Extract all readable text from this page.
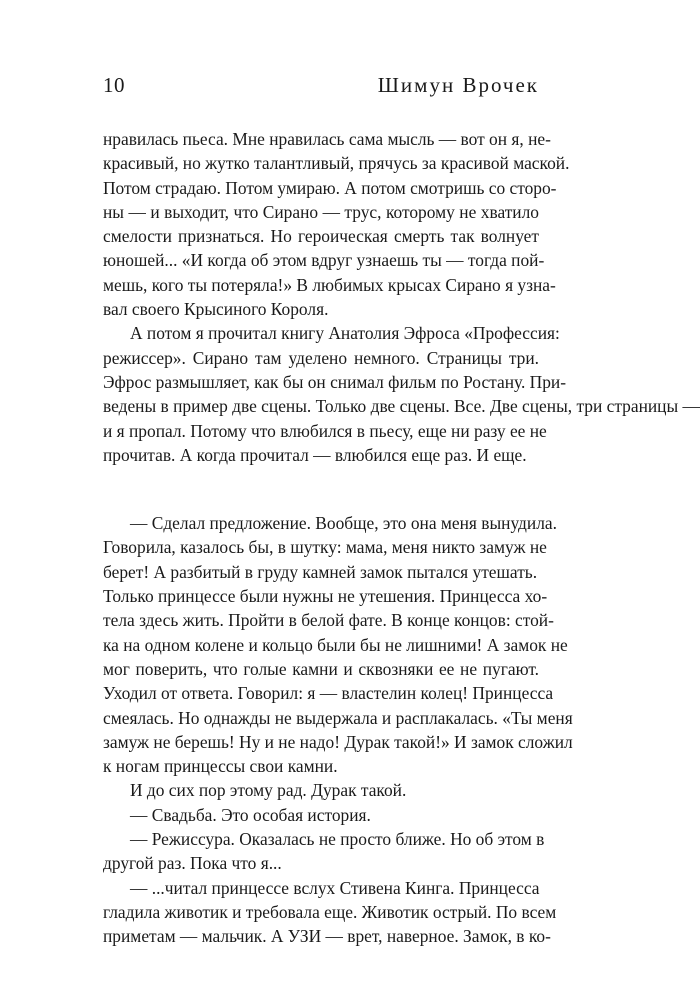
10	Шимун Врочек
нравилась пьеса. Мне нравилась сама мысль — вот он я, не-
красивый, но жутко талантливый, прячусь за красивой маской.
Потом страдаю. Потом умираю. А потом смотришь со сторо-
ны — и выходит, что Сирано — трус, которому не хватило
смелости признаться. Но героическая смерть так волнует
юношей... «И когда об этом вдруг узнаешь ты — тогда пой-
мешь, кого ты потеряла!» В любимых крысах Сирано я узна-
вал своего Крысиного Короля.
А потом я прочитал книгу Анатолия Эфроса «Профессия:
режиссер». Сирано там уделено немного. Страницы три.
Эфрос размышляет, как бы он снимал фильм по Ростану. При-
ведены в пример две сцены. Только две сцены. Все. Две сцены, три страницы —
и я пропал. Потому что влюбился в пьесу, еще ни разу ее не
прочитав. А когда прочитал — влюбился еще раз. И еще.
— Сделал предложение. Вообще, это она меня вынудила.
Говорила, казалось бы, в шутку: мама, меня никто замуж не
берет! А разбитый в груду камней замок пытался утешать.
Только принцессе были нужны не утешения. Принцесса хо-
тела здесь жить. Пройти в белой фате. В конце концов: стой-
ка на одном колене и кольцо были бы не лишними! А замок не
мог поверить, что голые камни и сквозняки ее не пугают.
Уходил от ответа. Говорил: я — властелин колец! Принцесса
смеялась. Но однажды не выдержала и расплакалась. «Ты меня
замуж не берешь! Ну и не надо! Дурак такой!» И замок сложил
к ногам принцессы свои камни.
И до сих пор этому рад. Дурак такой.
— Свадьба. Это особая история.
— Режиссура. Оказалась не просто ближе. Но об этом в
другой раз. Пока что я...
— ...читал принцессе вслух Стивена Кинга. Принцесса
гладила животик и требовала еще. Животик острый. По всем
приметам — мальчик. А УЗИ — врет, наверное. Замок, в ко-
